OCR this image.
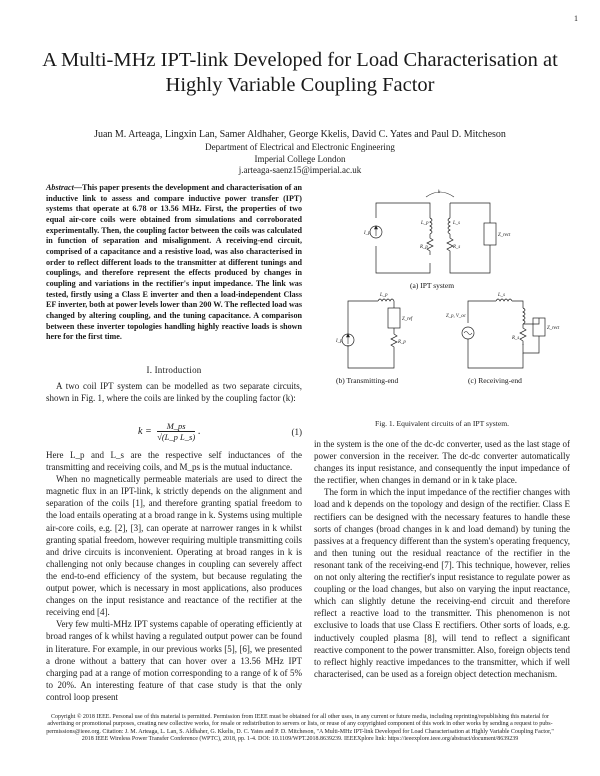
1
A Multi-MHz IPT-link Developed for Load Characterisation at Highly Variable Coupling Factor
Juan M. Arteaga, Lingxin Lan, Samer Aldhaher, George Kkelis, David C. Yates and Paul D. Mitcheson
Department of Electrical and Electronic Engineering
Imperial College London
j.arteaga-saenz15@imperial.ac.uk
Abstract—This paper presents the development and characterisation of an inductive link to assess and compare inductive power transfer (IPT) systems that operate at 6.78 or 13.56 MHz. First, the properties of two equal air-core coils were obtained from simulations and corroborated experimentally. Then, the coupling factor between the coils was calculated in function of separation and misalignment. A receiving-end circuit, comprised of a capacitance and a resistive load, was also characterised in order to reflect different loads to the transmitter at different tunings and couplings, and therefore represent the effects produced by changes in coupling and variations in the rectifier's input impedance. The link was tested, firstly using a Class E inverter and then a load-independent Class EF inverter, both at power levels lower than 200 W. The reflected load was changed by altering coupling, and the tuning capacitance. A comparison between these inverter topologies handling highly reactive loads is shown here for the first time.
I. Introduction

A two coil IPT system can be modelled as two separate circuits, shown in Fig. 1, where the coils are linked by the coupling factor (k):

$k = \frac{M\_ps}{\text{√(L\_p L\_s)}}$ .	(1)

Here L_p and L_s are the respective self inductances of the transmitting and receiving coils, and M_ps is the mutual inductance.

When no magnetically permeable materials are used to direct the magnetic flux in an IPT-link, k strictly depends on the alignment and separation of the coils [1], and therefore granting spatial freedom to the load entails operating at a broad range in k. Systems using multiple air-core coils, e.g. [2], [3], can operate at narrower ranges in k whilst granting spatial freedom, however requiring multiple transmitting coils and drive circuits is inconvenient. Operating at broad ranges in k is challenging not only because changes in coupling can severely affect the end-to-end efficiency of the system, but because regulating the output power, which is necessary in most applications, also produces changes on the input resistance and reactance of the rectifier at the receiving end [4].

Very few multi-MHz IPT systems capable of operating efficiently at broad ranges of k whilst having a regulated output power can be found in literature. For example, in our previous works [5], [6], we presented a drone without a battery that can hover over a 13.56 MHz IPT charging pad at a range of motion corresponding to a range of k of 5% to 20%. An interesting feature of that case study is that the only control loop present

k
I_p
L_p
R_p
L_s
R_s
Z_rect
L_p
Z_ref
R_p
I_p
L_s
Z_p, V_oc
R_s
Z_rect
(a) IPT system
(b) Transmitting-end	(c) Receiving-end
Fig. 1. Equivalent circuits of an IPT system.

in the system is the one of the dc-dc converter, used as the last stage of power conversion in the receiver. The dc-dc converter automatically changes its input resistance, and consequently the input impedance of the rectifier, when changes in demand or in k take place.

The form in which the input impedance of the rectifier changes with load and k depends on the topology and design of the rectifier. Class E rectifiers can be designed with the necessary features to handle these sorts of changes (broad changes in k and load demand) by tuning the passives at a frequency different than the system's operating frequency, and then tuning out the residual reactance of the rectifier in the resonant tank of the receiving-end [7]. This technique, however, relies on not only altering the rectifier's input resistance to regulate power as coupling or the load changes, but also on varying the input reactance, which can slightly detune the receiving-end circuit and therefore reflect a reactive load to the transmitter. This phenomenon is not exclusive to loads that use Class E rectifiers. Other sorts of loads, e.g. inductively coupled plasma [8], will tend to reflect a significant reactive component to the power transmitter. Also, foreign objects tend to reflect highly reactive impedances to the transmitter, which if well characterised, can be used as a foreign object detection mechanism.

Copyright © 2018 IEEE. Personal use of this material is permitted. Permission from IEEE must be obtained for all other uses, in any current or future media, including reprinting/republishing this material for advertising or promotional purposes, creating new collective works, for resale or redistribution to servers or lists, or reuse of any copyrighted component of this work in other works by sending a request to pubs-permissions@ieee.org. Citation: J. M. Arteaga, L. Lan, S. Aldhaher, G. Kkelis, D. C. Yates and P. D. Mitcheson, "A Multi-MHz IPT-link Developed for Load Characterisation at Highly Variable Coupling Factor," 2018 IEEE Wireless Power Transfer Conference (WPTC), 2018, pp. 1-4. DOI: 10.1109/WPT.2018.8639239. IEEEXplore link: https://ieeexplore.ieee.org/abstract/document/8639239
